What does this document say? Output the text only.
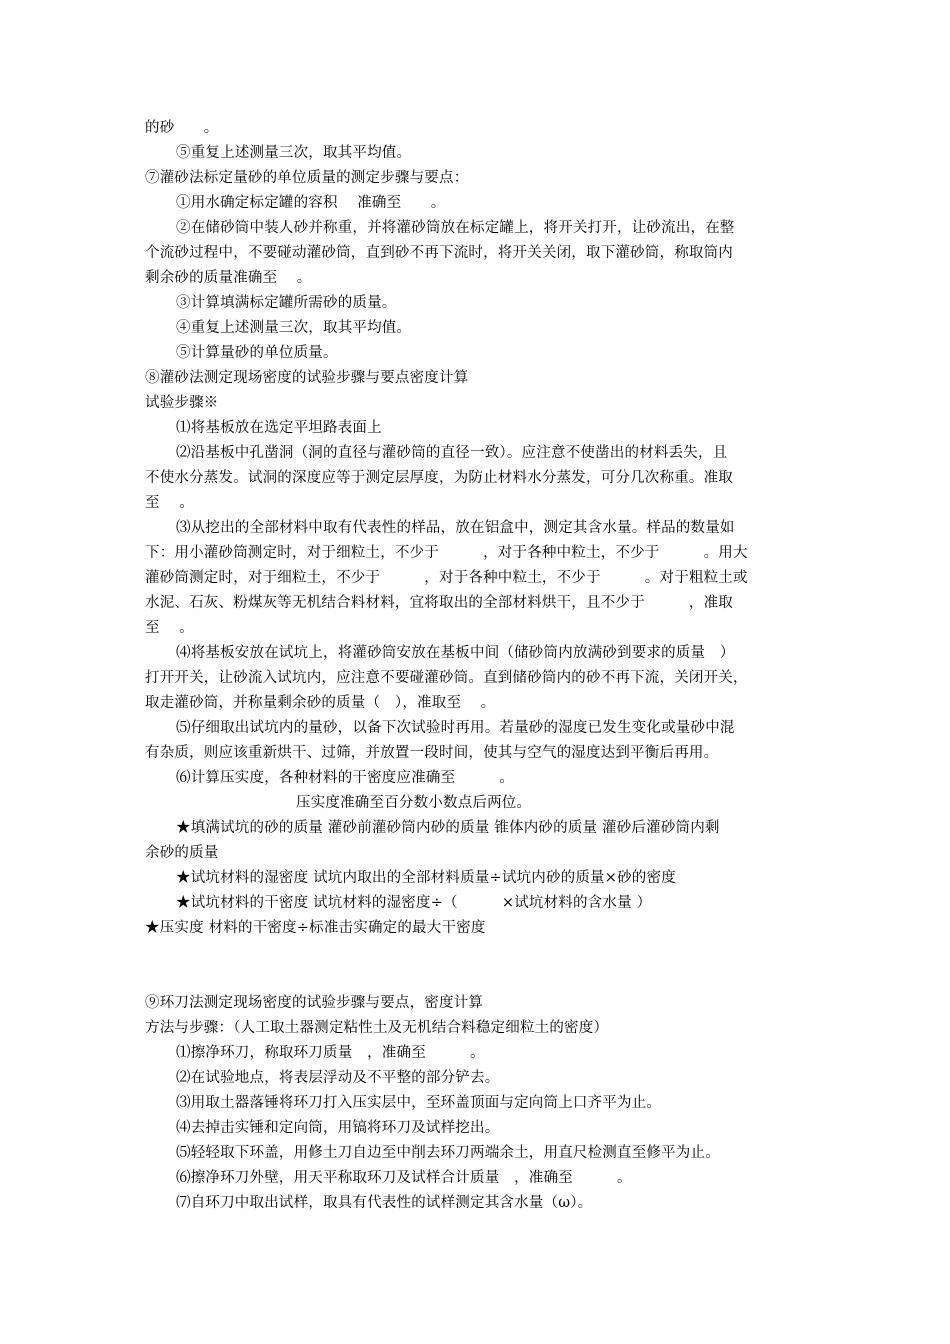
的砂　　。
⑤重复上述测量三次，取其平均值。
⑦灌砂法标定量砂的单位质量的测定步骤与要点：
①用水确定标定罐的容积　 准确至　　。
②在储砂筒中装人砂并称重，并将灌砂筒放在标定罐上，将开关打开，让砂流出，在整
个流砂过程中，不要碰动灌砂筒，直到砂不再下流时，将开关关闭，取下灌砂筒，称取筒内
剩余砂的质量准确至　 。
③计算填满标定罐所需砂的质量。
④重复上述测量三次，取其平均值。
⑤计算量砂的单位质量。
⑧灌砂法测定现场密度的试验步骤与要点密度计算
试验步骤※
⑴将基板放在选定平坦路表面上
⑵沿基板中孔凿洞（洞的直径与灌砂筒的直径一致）。应注意不使凿出的材料丢失，且
不使水分蒸发。试洞的深度应等于测定层厚度，为防止材料水分蒸发，可分几次称重。准取
至　 。
⑶从挖出的全部材料中取有代表性的样品，放在铝盒中，测定其含水量。样品的数量如
下：用小灌砂筒测定时，对于细粒土，不少于　　　，对于各种中粒土，不少于　　　。用大
灌砂筒测定时，对于细粒土，不少于　　　，对于各种中粒土，不少于　　　。对于粗粒土或
水泥、石灰、粉煤灰等无机结合料材料，宜将取出的全部材料烘干，且不少于　　　，准取
至　 。
⑷将基板安放在试坑上，将灌砂筒安放在基板中间（储砂筒内放满砂到要求的质量　）
打开开关，让砂流入试坑内，应注意不要碰灌砂筒。直到储砂筒内的砂不再下流，关闭开关，
取走灌砂筒，并称量剩余砂的质量（　），准取至　 。
⑸仔细取出试坑内的量砂，以备下次试验时再用。若量砂的湿度已发生变化或量砂中混
有杂质，则应该重新烘干、过筛，并放置一段时间，使其与空气的湿度达到平衡后再用。
⑹计算压实度，各种材料的干密度应准确至　　　。
压实度准确至百分数小数点后两位。
★填满试坑的砂的质量 灌砂前灌砂筒内砂的质量 锥体内砂的质量 灌砂后灌砂筒内剩
余砂的质量
★试坑材料的湿密度 试坑内取出的全部材料质量÷试坑内砂的质量×砂的密度
★试坑材料的干密度 试坑材料的湿密度÷（　　　×试坑材料的含水量 ）
★压实度 材料的干密度÷标准击实确定的最大干密度
⑨环刀法测定现场密度的试验步骤与要点，密度计算
方法与步骤：（人工取土器测定粘性土及无机结合料稳定细粒土的密度）
⑴擦净环刀，称取环刀质量　，准确至　　　。
⑵在试验地点，将表层浮动及不平整的部分铲去。
⑶用取土器落锤将环刀打入压实层中，至环盖顶面与定向筒上口齐平为止。
⑷去掉击实锤和定向筒，用镐将环刀及试样挖出。
⑸轻轻取下环盖，用修土刀自边至中削去环刀两端余土，用直尺检测直至修平为止。
⑹擦净环刀外壁，用天平称取环刀及试样合计质量　，准确至　　　。
⑺自环刀中取出试样，取具有代表性的试样测定其含水量（ω）。
